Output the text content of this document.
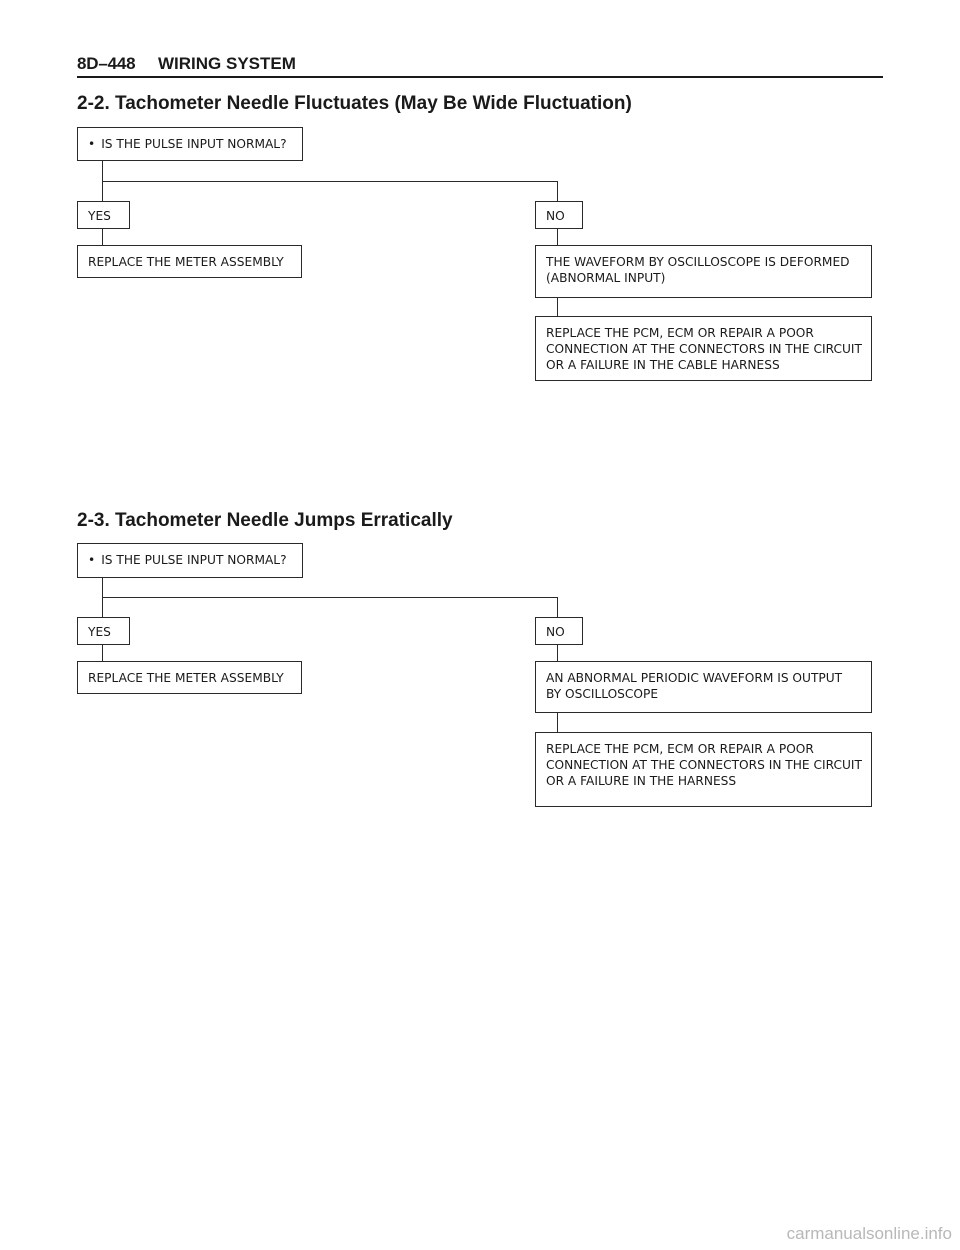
8D–448 WIRING SYSTEM
2-2. Tachometer Needle Fluctuates (May Be Wide Fluctuation)
• IS THE PULSE INPUT NORMAL?
YES	NO
REPLACE THE METER ASSEMBLY	THE WAVEFORM BY OSCILLOSCOPE IS DEFORMED
(ABNORMAL INPUT)
REPLACE THE PCM, ECM OR REPAIR A POOR
CONNECTION AT THE CONNECTORS IN THE CIRCUIT
OR A FAILURE IN THE CABLE HARNESS
2-3. Tachometer Needle Jumps Erratically
• IS THE PULSE INPUT NORMAL?
YES	NO
REPLACE THE METER ASSEMBLY	AN ABNORMAL PERIODIC WAVEFORM IS OUTPUT
BY OSCILLOSCOPE
REPLACE THE PCM, ECM OR REPAIR A POOR
CONNECTION AT THE CONNECTORS IN THE CIRCUIT
OR A FAILURE IN THE HARNESS
carmanualsonline.info
